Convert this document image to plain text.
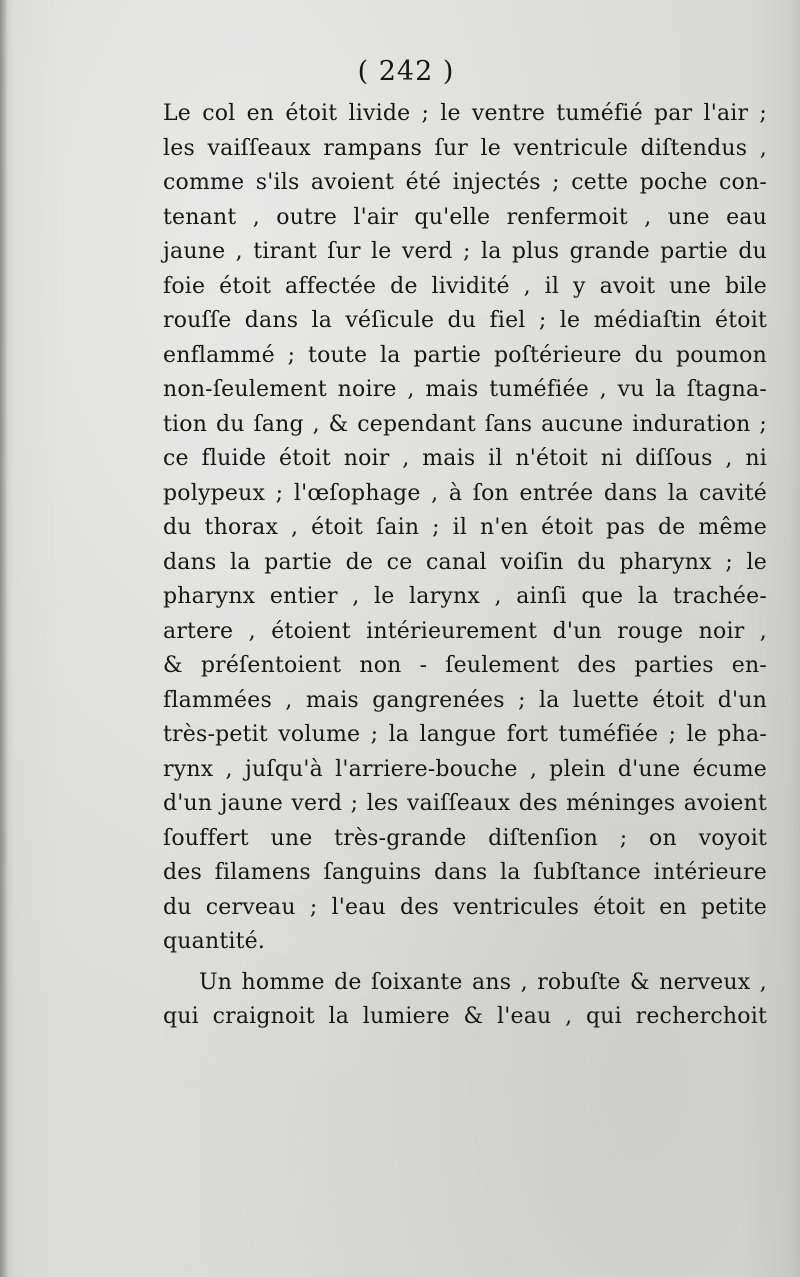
( 242 )
Le col en étoit livide ; le ventre tuméfié par l'air ;
les vaiſſeaux rampans ſur le ventricule diſtendus ,
comme s'ils avoient été injectés ; cette poche con-
tenant , outre l'air qu'elle renfermoit , une eau
jaune , tirant ſur le verd ; la plus grande partie du
foie étoit affectée de lividité , il y avoit une bile
rouſſe dans la véſicule du fiel ; le médiaſtin étoit
enflammé ; toute la partie poſtérieure du poumon
non-ſeulement noire , mais tuméfiée , vu la ſtagna-
tion du ſang , & cependant ſans aucune induration ;
ce fluide étoit noir , mais il n'étoit ni diſſous , ni
polypeux ; l'œſophage , à ſon entrée dans la cavité
du thorax , étoit ſain ; il n'en étoit pas de même
dans la partie de ce canal voiſin du pharynx ; le
pharynx entier , le larynx , ainſi que la trachée-
artere , étoient intérieurement d'un rouge noir ,
& préſentoient non - ſeulement des parties en-
flammées , mais gangrenées ; la luette étoit d'un
très-petit volume ; la langue fort tuméfiée ; le pha-
rynx , juſqu'à l'arriere-bouche , plein d'une écume
d'un jaune verd ; les vaiſſeaux des méninges avoient
ſouffert une très-grande diſtenſion ; on voyoit
des filamens ſanguins dans la ſubſtance intérieure
du cerveau ; l'eau des ventricules étoit en petite
quantité.
Un homme de ſoixante ans , robuſte & nerveux ,
qui craignoit la lumiere & l'eau , qui recherchoit
